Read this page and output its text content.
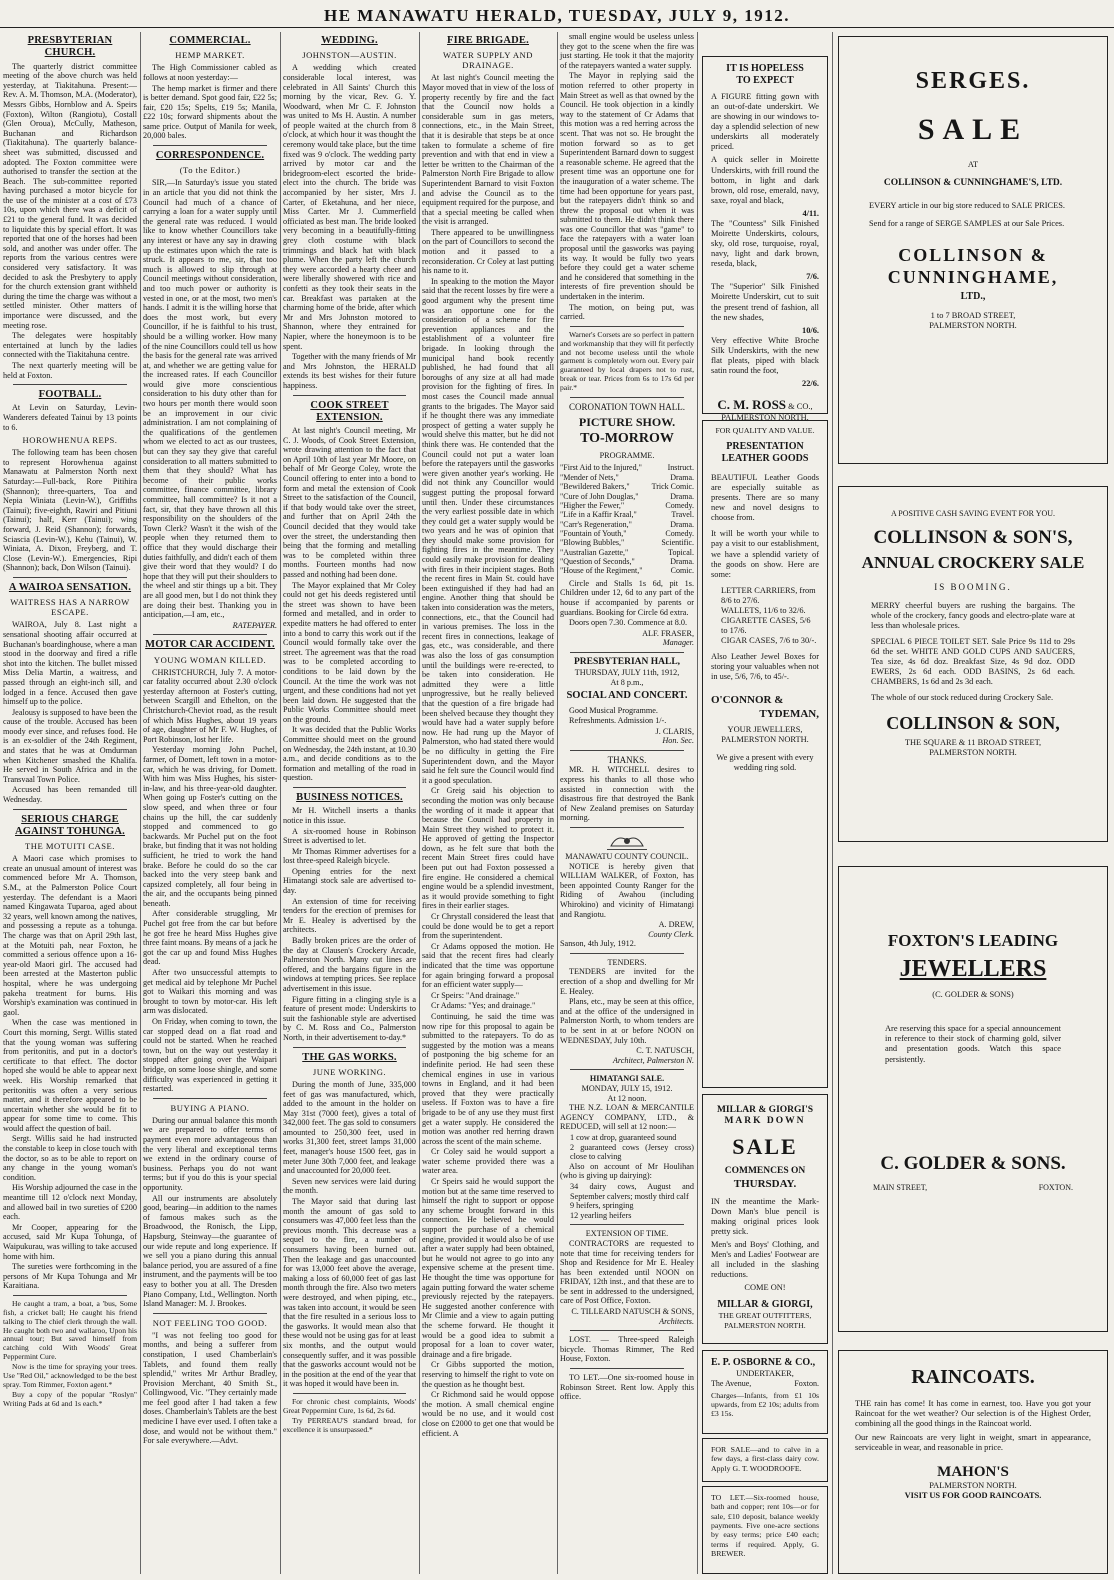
HE MANAWATU HERALD, TUESDAY, JULY 9, 1912.
PRESBYTERIAN CHURCH.

The quarterly district committee meeting of the above church was held yesterday, at Tiakitahuna. Present:—Rev. A. M. Thomson, M.A. (Moderator), Messrs Gibbs, Hornblow and A. Speirs (Foxton), Wilton (Rangiotu), Costall (Glen Oroua), McCully, Matheson, Buchanan and Richardson (Tiakitahuna). The quarterly balance-sheet was submitted, discussed and adopted. The Foxton committee were authorised to transfer the section at the Beach. The sub-committee reported having purchased a motor bicycle for the use of the minister at a cost of £73 10s, upon which there was a deficit of £21 to the general fund. It was decided to liquidate this by special effort. It was reported that one of the horses had been sold, and another was under offer. The reports from the various centres were considered very satisfactory. It was decided to ask the Presbytery to apply for the church extension grant withheld during the time the charge was without a settled minister. Other matters of importance were discussed, and the meeting rose.

The delegates were hospitably entertained at lunch by the ladies connected with the Tiakitahuna centre.

The next quarterly meeting will be held at Foxton.

FOOTBALL.

At Levin on Saturday, Levin-Wanderers defeated Tainui by 13 points to 6.

HOROWHENUA REPS.

The following team has been chosen to represent Horowhenua against Manawatu at Palmerston North next Saturday:—Full-back, Rore Pitihira (Shannon); three-quarters, Toa and Nepia Winiata (Levin-W.), Griffiths (Tainui); five-eighth, Rawiri and Pitiuni (Tainui); half, Kerr (Tainui); wing forward, J. Reid (Shannon); forwards, Sciascia (Levin-W.), Kehu (Tainui), W. Winiata, A. Dixon, Freyberg, and T. Close (Levin-W.). Emergencies, Ripi (Shannon); back, Don Wilson (Tainui).

A WAIROA SENSATION.
WAITRESS HAS A NARROW ESCAPE.

WAIROA, July 8. Last night a sensational shooting affair occurred at Buchanan's boardinghouse, where a man stood in the doorway and fired a rifle shot into the kitchen. The bullet missed Miss Delia Martin, a waitress, and passed through an eight-inch sill, and lodged in a fence. Accused then gave himself up to the police.

Jealousy is supposed to have been the cause of the trouble. Accused has been moody ever since, and refuses food. He is an ex-soldier of the 24th Regiment, and states that he was at Omdurman when Kitchener smashed the Khalifa. He served in South Africa and in the Transvaal Town Police.

Accused has been remanded till Wednesday.

SERIOUS CHARGE AGAINST TOHUNGA.
THE MOTUITI CASE.

A Maori case which promises to create an unusual amount of interest was commenced before Mr A. Thomson, S.M., at the Palmerston Police Court yesterday. The defendant is a Maori named Kingawata Tuparoa, aged about 32 years, well known among the natives, and possessing a repute as a tohunga. The charge was that on April 29th last, at the Motuiti pah, near Foxton, he committed a serious offence upon a 16-year-old Maori girl. The accused had been arrested at the Masterton public hospital, where he was undergoing pakeha treatment for burns. His Worship's examination was continued in gaol.

When the case was mentioned in Court this morning, Sergt. Willis stated that the young woman was suffering from peritonitis, and put in a doctor's certificate to that effect. The doctor hoped she would be able to appear next week. His Worship remarked that peritonitis was often a very serious matter, and it therefore appeared to be uncertain whether she would be fit to appear for some time to come. This would affect the question of bail.

Sergt. Willis said he had instructed the constable to keep in close touch with the doctor, so as to be able to report on any change in the young woman's condition.

His Worship adjourned the case in the meantime till 12 o'clock next Monday, and allowed bail in two sureties of £200 each.

Mr Cooper, appearing for the accused, said Mr Kupa Tohunga, of Waipukurau, was willing to take accused home with him.

The sureties were forthcoming in the persons of Mr Kupa Tohunga and Mr Karaitiana.

He caught a tram, a boat, a 'bus, Some fish, a cricket ball; He caught his friend talking to The chief clerk through the wall. He caught both two and wallaroo, Upon his annual tour; But saved himself from catching cold With Woods' Great Peppermint Cure.

Now is the time for spraying your trees. Use "Red Oil," acknowledged to be the best spray. Tom Rimmer, Foxton agent.*

Buy a copy of the popular "Roslyn" Writing Pads at 6d and 1s each.*

COMMERCIAL.
HEMP MARKET.

The High Commissioner cabled as follows at noon yesterday:—

The hemp market is firmer and there is better demand. Spot good fair, £22 5s; fair, £20 15s; Spelts, £19 5s; Manila, £22 10s; forward shipments about the same price. Output of Manila for week, 20,000 bales.

CORRESPONDENCE.
(To the Editor.)

SIR,—In Saturday's issue you stated in an article that you did not think the Council had much of a chance of carrying a loan for a water supply until the general rate was reduced. I would like to know whether Councillors take any interest or have any say in drawing up the estimates upon which the rate is struck. It appears to me, sir, that too much is allowed to slip through at Council meetings without consideration, and too much power or authority is vested in one, or at the most, two men's hands. I admit it is the willing horse that does the most work, but every Councillor, if he is faithful to his trust, should be a willing worker. How many of the nine Councillors could tell us how the basis for the general rate was arrived at, and whether we are getting value for the increased rates. If each Councillor would give more conscientious consideration to his duty other than for two hours per month there would soon be an improvement in our civic administration. I am not complaining of the qualifications of the gentlemen whom we elected to act as our trustees, but can they say they give that careful consideration to all matters submitted to them that they should? What has become of their public works committee, finance committee, library committee, hall committee? Is it not a fact, sir, that they have thrown all this responsibility on the shoulders of the Town Clerk? Wasn't it the wish of the people when they returned them to office that they would discharge their duties faithfully, and didn't each of them give their word that they would? I do hope that they will put their shoulders to the wheel and stir things up a bit. They are all good men, but I do not think they are doing their best. Thanking you in anticipation,—I am, etc.,

RATEPAYER.

MOTOR CAR ACCIDENT.
YOUNG WOMAN KILLED.

CHRISTCHURCH, July 7. A motor-car fatality occurred about 2.30 o'clock yesterday afternoon at Foster's cutting, between Scargill and Ethelton, on the Christchurch-Cheviot road, as the result of which Miss Hughes, about 19 years of age, daughter of Mr F. W. Hughes, of Port Robinson, lost her life.

Yesterday morning John Puchel, farmer, of Domett, left town in a motor-car, which he was driving, for Domett. With him was Miss Hughes, his sister-in-law, and his three-year-old daughter. When going up Foster's cutting on the slow speed, and when three or four chains up the hill, the car suddenly stopped and commenced to go backwards. Mr Puchel put on the foot brake, but finding that it was not holding sufficient, he tried to work the hand brake. Before he could do so the car backed into the very steep bank and capsized completely, all four being in the air, and the occupants being pinned beneath.

After considerable struggling, Mr Puchel got free from the car but before he got free he heard Miss Hughes give three faint moans. By means of a jack he got the car up and found Miss Hughes dead.

After two unsuccessful attempts to get medical aid by telephone Mr Puchel got to Waikari this morning and was brought to town by motor-car. His left arm was dislocated.

On Friday, when coming to town, the car stopped dead on a flat road and could not be started. When he reached town, but on the way out yesterday it stopped after going over the Waipari bridge, on some loose shingle, and some difficulty was experienced in getting it restarted.

BUYING A PIANO.

During our annual balance this month we are prepared to offer terms of payment even more advantageous than the very liberal and exceptional terms we extend in the ordinary course of business. Perhaps you do not want terms; but if you do this is your special opportunity.

All our instruments are absolutely good, bearing—in addition to the names of famous makes such as the Broadwood, the Ronisch, the Lipp, Hapsburg, Steinway—the guarantee of our wide repute and long experience. If we sell you a piano during this annual balance period, you are assured of a fine instrument, and the payments will be too easy to bother you at all. The Dresden Piano Company, Ltd., Wellington. North Island Manager: M. J. Brookes.

NOT FEELING TOO GOOD.

"I was not feeling too good for months, and being a sufferer from constipation, I used Chamberlain's Tablets, and found them really splendid," writes Mr Arthur Bradley, Provision Merchant, 40 Smith St., Collingwood, Vic. "They certainly made me feel good after I had taken a few doses. Chamberlain's Tablets are the best medicine I have ever used. I often take a dose, and would not be without them." For sale everywhere.—Advt.

WEDDING.
JOHNSTON—AUSTIN.

A wedding which created considerable local interest, was celebrated in All Saints' Church this morning by the vicar, Rev. G. Y. Woodward, when Mr C. F. Johnston was united to Ms H. Austin. A number of people waited at the church from 8 o'clock, at which hour it was thought the ceremony would take place, but the time fixed was 9 o'clock. The wedding party arrived by motor car and the bridegroom-elect escorted the bride-elect into the church. The bride was accompanied by her sister, Mrs J. Carter, of Eketahuna, and her niece, Miss Carter. Mr J. Cummerfield officiated as best man. The bride looked very becoming in a beautifully-fitting grey cloth costume with black trimmings and black hat with black plume. When the party left the church they were accorded a hearty cheer and were liberally showered with rice and confetti as they took their seats in the car. Breakfast was partaken at the charming home of the bride, after which Mr and Mrs Johnston motored to Shannon, where they entrained for Napier, where the honeymoon is to be spent.

Together with the many friends of Mr and Mrs Johnston, the HERALD extends its best wishes for their future happiness.

COOK STREET EXTENSION.

At last night's Council meeting, Mr C. J. Woods, of Cook Street Extension, wrote drawing attention to the fact that on April 10th of last year Mr Moore, on behalf of Mr George Coley, wrote the Council offering to enter into a bond to form and metal the extension of Cook Street to the satisfaction of the Council, if that body would take over the street, and further that on April 24th the Council decided that they would take over the street, the understanding then being that the forming and metalling was to be completed within three months. Fourteen months had now passed and nothing had been done.

The Mayor explained that Mr Coley could not get his deeds registered until the street was shown to have been formed and metalled, and in order to expedite matters he had offered to enter into a bond to carry this work out if the Council would formally take over the street. The agreement was that the road was to be completed according to conditions to be laid down by the Council. At the time the work was not urgent, and these conditions had not yet been laid down. He suggested that the Public Works Committee should meet on the ground.

It was decided that the Public Works Committee should meet on the ground on Wednesday, the 24th instant, at 10.30 a.m., and decide conditions as to the formation and metalling of the road in question.

BUSINESS NOTICES.

Mr H. Witchell inserts a thanks notice in this issue.

A six-roomed house in Robinson Street is advertised to let.

Mr Thomas Rimmer advertises for a lost three-speed Raleigh bicycle.

Opening entries for the next Himatangi stock sale are advertised to-day.

An extension of time for receiving tenders for the erection of premises for Mr E. Healey is advertised by the architects.

Badly broken prices are the order of the day at Clausen's Crockery Arcade, Palmerston North. Many cut lines are offered, and the bargains figure in the windows at tempting prices. See replace advertisement in this issue.

Figure fitting in a clinging style is a feature of present mode: Underskirts to suit the fashionable style are advertised by C. M. Ross and Co., Palmerston North, in their advertisement to-day.*

THE GAS WORKS.
JUNE WORKING.

During the month of June, 335,000 feet of gas was manufactured, which, added to the amount in the holder on May 31st (7000 feet), gives a total of 342,000 feet. The gas sold to consumers amounted to 250,300 feet, used in works 31,300 feet, street lamps 31,000 feet, manager's house 1500 feet, gas in meter June 30th 7,000 feet, and leakage and unaccounted for 20,000 feet.

Seven new services were laid during the month.

The Mayor said that during last month the amount of gas sold to consumers was 47,000 feet less than the previous month. This decrease was a sequel to the fire, a number of consumers having been burned out. Then the leakage and gas unaccounted for was 13,000 feet above the average, making a loss of 60,000 feet of gas last month through the fire. Also two meters were destroyed, and when piping, etc., was taken into account, it would be seen that the fire resulted in a serious loss to the gasworks. It would mean also that these would not be using gas for at least six months, and the output would consequently suffer, and it was possible that the gasworks account would not be in the position at the end of the year that it was hoped it would have been in.

For chronic chest complaints, Woods' Great Peppermint Cure, 1s 6d, 2s 6d.

Try PERREAU'S standard bread, for excellence it is unsurpassed.*

FIRE BRIGADE.
WATER SUPPLY AND DRAINAGE.

At last night's Council meeting the Mayor moved that in view of the loss of property recently by fire and the fact that the Council now holds a considerable sum in gas meters, connections, etc., in the Main Street, that it is desirable that steps be at once taken to formulate a scheme of fire prevention and with that end in view a letter be written to the Chairman of the Palmerston North Fire Brigade to allow Superintendent Barnard to visit Foxton and advise the Council as to the equipment required for the purpose, and that a special meeting be called when the visit is arranged.

There appeared to be unwillingness on the part of Councillors to second the motion and it passed to a reconsideration. Cr Coley at last putting his name to it.

In speaking to the motion the Mayor said that the recent losses by fire were a good argument why the present time was an opportune one for the consideration of a scheme for fire prevention appliances and the establishment of a volunteer fire brigade. In looking through the municipal hand book recently published, he had found that all boroughs of any size at all had made provision for the fighting of fires. In most cases the Council made annual grants to the brigades. The Mayor said if he thought there was any immediate prospect of getting a water supply he would shelve this matter, but he did not think there was. He contended that the Council could not put a water loan before the ratepayers until the gasworks were given another year's working. He did not think any Councillor would suggest putting the proposal forward until then. Under these circumstances the very earliest possible date in which they could get a water supply would be two years and he was of opinion that they should make some provision for fighting fires in the meantime. They could easily make provision for dealing with fires in their incipient stages. Both the recent fires in Main St. could have been extinguished if they had had an engine. Another thing that should be taken into consideration was the meters, connections, etc., that the Council had in various premises. The loss in the recent fires in connections, leakage of gas, etc., was considerable, and there was also the loss of gas consumption until the buildings were re-erected, to be taken into consideration. He admitted they were a little unprogressive, but he really believed that the question of a fire brigade had been shelved because they thought they would have had a water supply before now. He had rung up the Mayor of Palmerston, who had stated there would be no difficulty in getting the Fire Superintendent down, and the Mayor said he felt sure the Council would find it a good speculation.

Cr Greig said his objection to seconding the motion was only because the wording of it made it appear that because the Council had property in Main Street they wished to protect it. He approved of getting the Inspector down, as he felt sure that both the recent Main Street fires could have been put out had Foxton possessed a fire engine. He considered a chemical engine would be a splendid investment, as it would provide something to fight fires in their earlier stages.

Cr Chrystall considered the least that could be done would be to get a report from the superintendent.

Cr Adams opposed the motion. He said that the recent fires had clearly indicated that the time was opportune for again bringing forward a proposal for an efficient water supply—

Cr Speirs: "And drainage."

Cr Adams: "Yes; and drainage."

Continuing, he said the time was now ripe for this proposal to again be submitted to the ratepayers. To do as suggested by the motion was a means of postponing the big scheme for an indefinite period. He had seen these chemical engines in use in various towns in England, and it had been proved that they were practically useless. If Foxton was to have a fire brigade to be of any use they must first get a water supply. He considered the motion was another red herring drawn across the scent of the main scheme.

Cr Coley said he would support a water scheme provided there was a water area.

Cr Speirs said he would support the motion but at the same time reserved to himself the right to support or oppose any scheme brought forward in this connection. He believed he would support the purchase of a chemical engine, provided it would also be of use after a water supply had been obtained, but he would not agree to go into any expensive scheme at the present time. He thought the time was opportune for again putting forward the water scheme previously rejected by the ratepayers. He suggested another conference with Mr Climie and a view to again putting the scheme forward. He thought it would be a good idea to submit a proposal for a loan to cover water, drainage and a fire brigade.

Cr Gibbs supported the motion, reserving to himself the right to vote on the question as he thought best.

Cr Richmond said he would oppose the motion. A small chemical engine would be no use, and it would cost close on £2000 to get one that would be efficient. A

small engine would be useless unless they got to the scene when the fire was just starting. He took it that the majority of the ratepayers wanted a water supply.

The Mayor in replying said the motion referred to other property in Main Street as well as that owned by the Council. He took objection in a kindly way to the statement of Cr Adams that this motion was a red herring across the scent. That was not so. He brought the motion forward so as to get Superintendent Barnard down to suggest a reasonable scheme. He agreed that the present time was an opportune one for the inauguration of a water scheme. The time had been opportune for years past, but the ratepayers didn't think so and threw the proposal out when it was submitted to them. He didn't think there was one Councillor that was "game" to face the ratepayers with a water loan proposal until the gasworks was paying its way. It would be fully two years before they could get a water scheme and he considered that something in the interests of fire prevention should be undertaken in the interim.

The motion, on being put, was carried.

Warner's Corsets are so perfect in pattern and workmanship that they will fit perfectly and not become useless until the whole garment is completely worn out. Every pair guaranteed by local drapers not to rust, break or tear. Prices from 6s to 17s 6d per pair.*

CORONATION TOWN HALL.
PICTURE SHOW.
TO-MORROW
PROGRAMME.
"First Aid to the Injured,"	Instruct.
"Mender of Nets,"	Drama.
"Bewildered Bakers,"	Trick Comic.
"Cure of John Douglas,"	Drama.
"Higher the Fewer,"	Comedy.
"Life in a Kaffir Kraal,"	Travel.
"Carr's Regeneration,"	Drama.
"Fountain of Youth,"	Comedy.
"Blowing Bubbles,"	Scientific.
"Australian Gazette,"	Topical.
"Question of Seconds,"	Drama.
"House of the Regiment,"	Comic.

Circle and Stalls 1s 6d, pit 1s. Children under 12, 6d to any part of the house if accompanied by parents or guardians. Booking for Circle 6d extra.

Doors open 7.30. Commence at 8.0.

ALF. FRASER,
Manager.
PRESBYTERIAN HALL,
THURSDAY, JULY 11th, 1912,
At 8 p.m.,
SOCIAL AND CONCERT.

Good Musical Programme.

Refreshments. Admission 1/-.

J. CLARIS,
Hon. Sec.
THANKS.

MR. H. WITCHELL desires to express his thanks to all those who assisted in connection with the disastrous fire that destroyed the Bank of New Zealand premises on Saturday morning.

MANAWATU COUNTY COUNCIL.

NOTICE is hereby given that WILLIAM WALKER, of Foxton, has been appointed County Ranger for the Riding of Awahou (including Whirokino) and vicinity of Himatangi and Rangiotu.

A. DREW,
County Clerk.
Sanson, 4th July, 1912.
TENDERS.

TENDERS are invited for the erection of a shop and dwelling for Mr E. Healey.

Plans, etc., may be seen at this office, and at the office of the undersigned in Palmerston North, to whom tenders are to be sent in at or before NOON on WEDNESDAY, July 10th.

C. T. NATUSCH,
Architect, Palmerston N.
HIMATANGI SALE.
MONDAY, JULY 15, 1912.
At 12 noon.

THE N.Z. LOAN & MERCANTILE AGENCY COMPANY, LTD., & REDUCED, will sell at 12 noon:—

1 cow at drop, guaranteed sound
2 guaranteed cows (Jersey cross) close to calving

Also on account of Mr Houlihan (who is giving up dairying):

34 dairy cows, August and September calvers; mostly third calf
9 heifers, springing
12 yearling heifers
EXTENSION OF TIME.

CONTRACTORS are requested to note that time for receiving tenders for Shop and Residence for Mr E. Healey has been extended until NOON on FRIDAY, 12th inst., and that these are to be sent in addressed to the undersigned, care of Post Office, Foxton.

C. TILLEARD NATUSCH & SONS,
Architects.

LOST. — Three-speed Raleigh bicycle. Thomas Rimmer, The Red House, Foxton.

TO LET.—One six-roomed house in Robinson Street. Rent low. Apply this office.

IT IS HOPELESS
TO EXPECT

A FIGURE fitting gown with an out-of-date underskirt. We are showing in our windows to-day a splendid selection of new underskirts all moderately priced.

A quick seller in Moirette Underskirts, with frill round the bottom, in light and dark brown, old rose, emerald, navy, saxe, royal and black,

4/11.

The "Countess" Silk Finished Moirette Underskirts, colours, sky, old rose, turquoise, royal, navy, light and dark brown, reseda, black,

7/6.

The "Superior" Silk Finished Moirette Underskirt, cut to suit the present trend of fashion, all the new shades,

10/6.

Very effective White Broche Silk Underskirts, with the new flat pleats, piped with black satin round the foot,

22/6.
C. M. ROSS & CO.,
PALMERSTON NORTH,
FOR QUALITY AND VALUE.
PRESENTATION
LEATHER GOODS

BEAUTIFUL Leather Goods are especially suitable as presents. There are so many new and novel designs to choose from.

It will be worth your while to pay a visit to our establishment, we have a splendid variety of the goods on show. Here are some:

LETTER CARRIERS, from 8/6 to 27/6.
WALLETS, 11/6 to 32/6.
CIGARETTE CASES, 5/6 to 17/6.
CIGAR CASES, 7/6 to 30/-.

Also Leather Jewel Boxes for storing your valuables when not in use, 5/6, 7/6, to 45/-.

O'CONNOR &
TYDEMAN,
YOUR JEWELLERS,
PALMERSTON NORTH.

We give a present with every wedding ring sold.

MILLAR & GIORGI'S
MARK DOWN
SALE
COMMENCES ON
THURSDAY.

IN the meantime the Mark-Down Man's blue pencil is making original prices look pretty sick.

Men's and Boys' Clothing, and Men's and Ladies' Footwear are all included in the slashing reductions.

COME ON!
MILLAR & GIORGI,
THE GREAT OUTFITTERS,
PALMERSTON NORTH.
E. P. OSBORNE & CO.,
UNDERTAKER,
The Avenue,	Foxton.

Charges—Infants, from £1 10s upwards, from £2 10s; adults from £3 15s.

FOR SALE—and to calve in a few days, a first-class dairy cow. Apply G. T. WOODROOFE.

TO LET.—Six-roomed house, bath and copper; rent 10s—or for sale, £10 deposit, balance weekly payments. Five one-acre sections by easy terms; price £40 each; terms if required. Apply, G. BREWER.

SERGES.
SALE
AT
COLLINSON & CUNNINGHAME'S, LTD.

EVERY article in our big store reduced to SALE PRICES.

Send for a range of SERGE SAMPLES at our Sale Prices.

COLLINSON & CUNNINGHAME,
LTD.,
1 to 7 BROAD STREET,
PALMERSTON NORTH.
A POSITIVE CASH SAVING EVENT FOR YOU.
COLLINSON & SON'S,
ANNUAL CROCKERY SALE
IS BOOMING.

MERRY cheerful buyers are rushing the bargains. The whole of the crockery, fancy goods and electro-plate ware at less than wholesale prices.

SPECIAL 6 PIECE TOILET SET. Sale Price 9s 11d to 29s 6d the set. WHITE AND GOLD CUPS AND SAUCERS, Tea size, 4s 6d doz. Breakfast Size, 4s 9d doz. ODD EWERS, 2s 6d each. ODD BASINS, 2s 6d each. CHAMBERS, 1s 6d and 2s 3d each.

The whole of our stock reduced during Crockery Sale.

COLLINSON & SON,
THE SQUARE & 11 BROAD STREET,
PALMERSTON NORTH.
FOXTON'S LEADING
JEWELLERS
(C. GOLDER & SONS)

Are reserving this space for a special announcement in reference to their stock of charming gold, silver and presentation goods. Watch this space persistently.

C. GOLDER & SONS.
MAIN STREET,	FOXTON.
RAINCOATS.

THE rain has come! It has come in earnest, too. Have you got your Raincoat for the wet weather? Our selection is of the Highest Order, combining all the good things in the Raincoat world.

Our new Raincoats are very light in weight, smart in appearance, serviceable in wear, and reasonable in price.

MAHON'S
PALMERSTON NORTH.
VISIT US FOR GOOD RAINCOATS.
